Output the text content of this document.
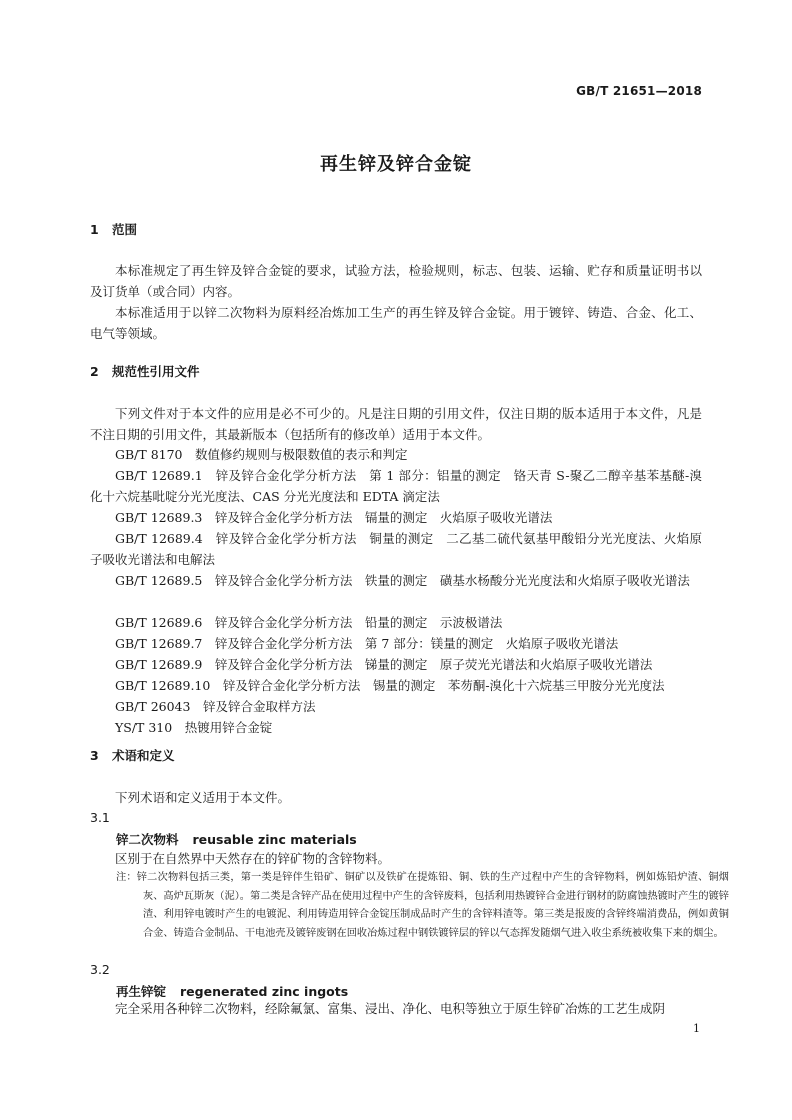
GB/T 21651—2018
再生锌及锌合金锭
1 范围

本标准规定了再生锌及锌合金锭的要求，试验方法，检验规则，标志、包装、运输、贮存和质量证明书以及订货单（或合同）内容。

本标准适用于以锌二次物料为原料经冶炼加工生产的再生锌及锌合金锭。用于镀锌、铸造、合金、化工、电气等领域。

2 规范性引用文件

下列文件对于本文件的应用是必不可少的。凡是注日期的引用文件，仅注日期的版本适用于本文件，凡是不注日期的引用文件，其最新版本（包括所有的修改单）适用于本文件。

GB/T 8170　数值修约规则与极限数值的表示和判定

GB/T 12689.1　锌及锌合金化学分析方法　第 1 部分：铝量的测定　铬天青 S-聚乙二醇辛基苯基醚-溴化十六烷基吡啶分光光度法、CAS 分光光度法和 EDTA 滴定法

GB/T 12689.3　锌及锌合金化学分析方法　镉量的测定　火焰原子吸收光谱法

GB/T 12689.4　锌及锌合金化学分析方法　铜量的测定　二乙基二硫代氨基甲酸铅分光光度法、火焰原子吸收光谱法和电解法

GB/T 12689.5　锌及锌合金化学分析方法　铁量的测定　磺基水杨酸分光光度法和火焰原子吸收光谱法

GB/T 12689.6　锌及锌合金化学分析方法　铅量的测定　示波极谱法

GB/T 12689.7　锌及锌合金化学分析方法　第 7 部分：镁量的测定　火焰原子吸收光谱法

GB/T 12689.9　锌及锌合金化学分析方法　锑量的测定　原子荧光光谱法和火焰原子吸收光谱法

GB/T 12689.10　锌及锌合金化学分析方法　锡量的测定　苯芴酮-溴化十六烷基三甲胺分光光度法

GB/T 26043　锌及锌合金取样方法

YS/T 310　热镀用锌合金锭

3 术语和定义

下列术语和定义适用于本文件。

3.1
锌二次物料 reusable zinc materials

区别于在自然界中天然存在的锌矿物的含锌物料。

注：锌二次物料包括三类，第一类是锌伴生铅矿、铜矿以及铁矿在提炼铅、铜、铁的生产过程中产生的含锌物料，例如炼铅炉渣、铜烟灰、高炉瓦斯灰（泥）。第二类是含锌产品在使用过程中产生的含锌废料，包括利用热镀锌合金进行钢材的防腐蚀热镀时产生的镀锌渣、利用锌电镀时产生的电镀泥、利用铸造用锌合金锭压制成品时产生的含锌料渣等。第三类是报废的含锌终端消费品，例如黄铜合金、铸造合金制品、干电池壳及镀锌废钢在回收冶炼过程中钢铁镀锌层的锌以气态挥发随烟气进入收尘系统被收集下来的烟尘。

3.2
再生锌锭 regenerated zinc ingots

完全采用各种锌二次物料，经除氟氯、富集、浸出、净化、电积等独立于原生锌矿冶炼的工艺生成阴

1
